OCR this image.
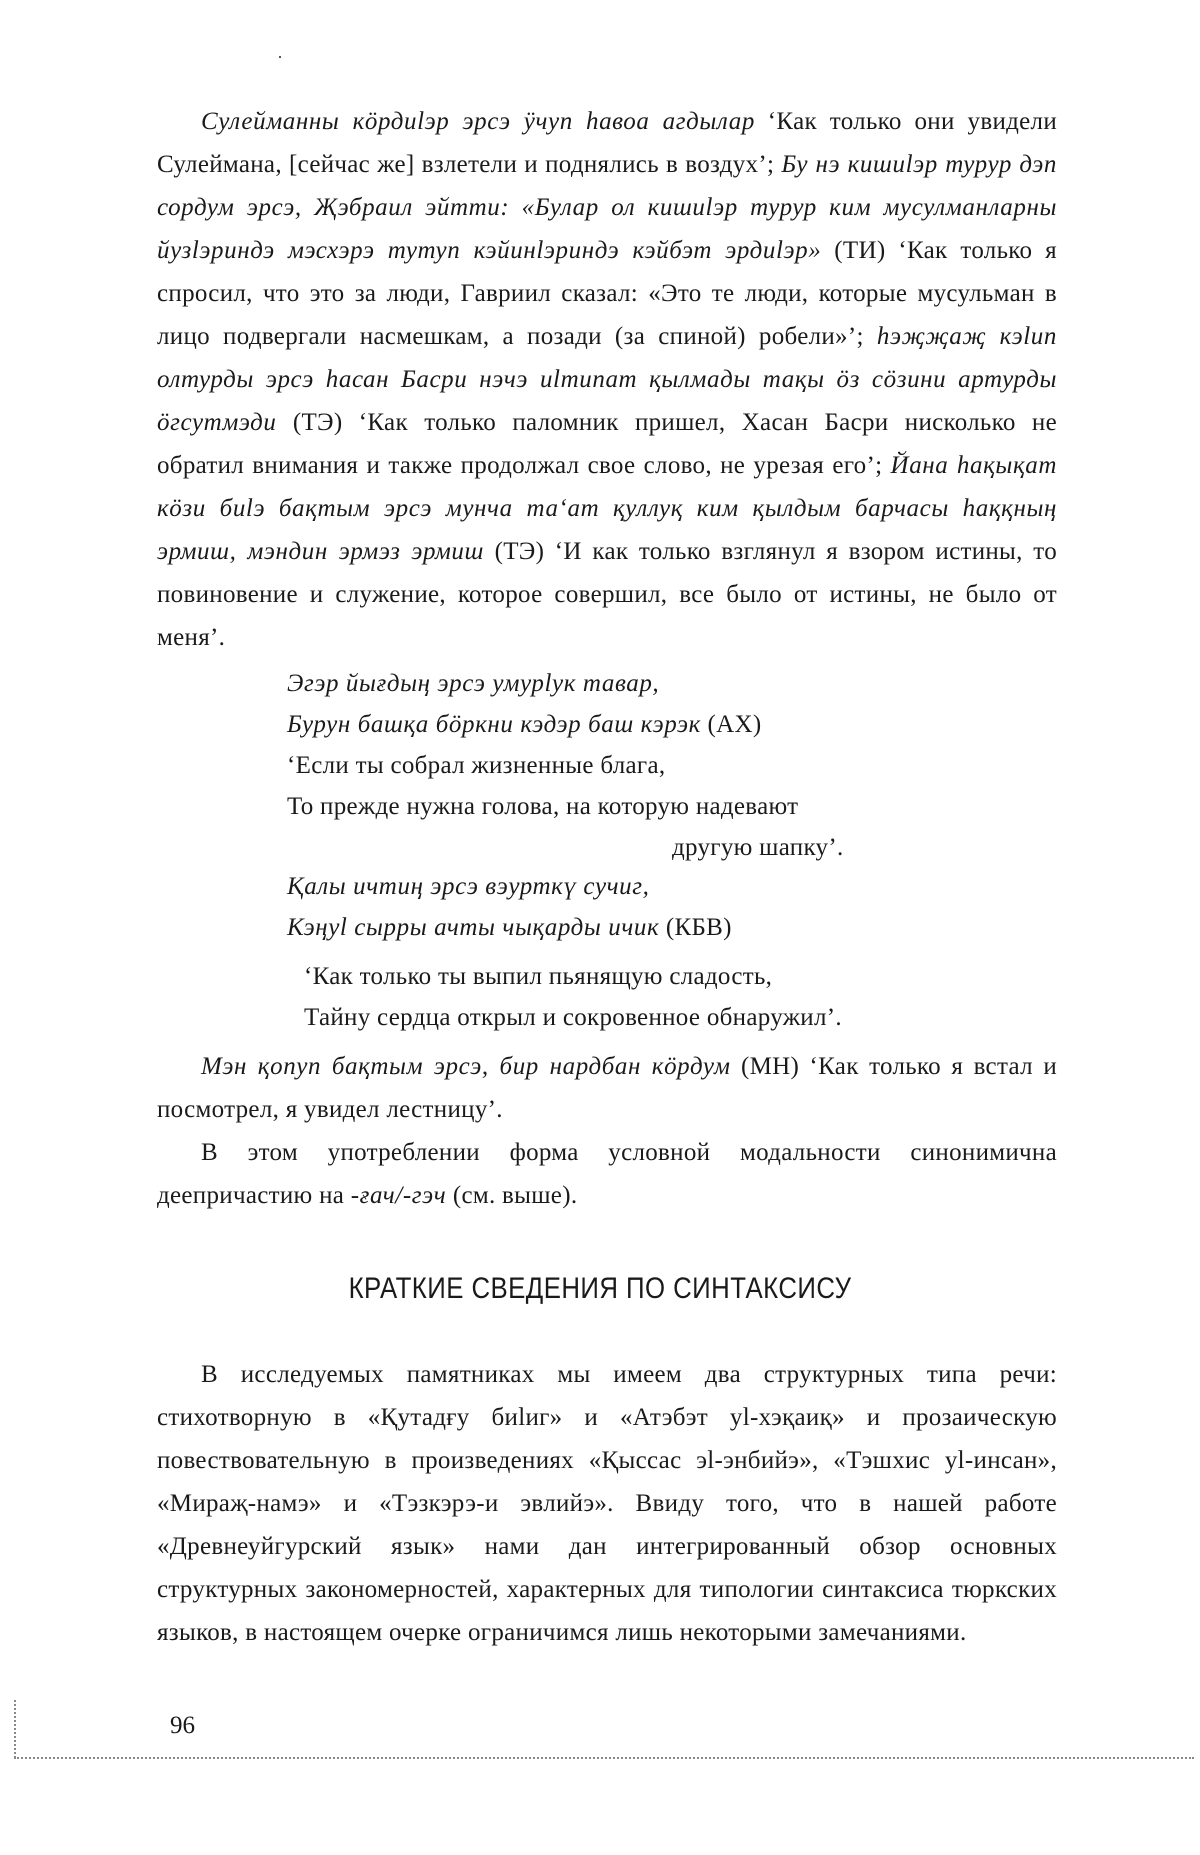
Сулейманны кӧрдиlэр эрсэ ӱчуп һавоа агдылар ‘Как только они увидели Сулеймана, [сейчас же] взлетели и поднялись в воздух’; Бу нэ кишиlэр турур дэп сордум эрсэ, Җэбраил эйтти: «Булар ол кишиlэр турур ким мусулманларны йузlэриндэ мэсхэрэ тутуп кэйинlэриндэ кэйбэт эрдиlэр» (ТИ) ‘Как только я спросил, что это за люди, Гавриил сказал: «Это те люди, которые мусульман в лицо подвергали насмешкам, а позади (за спиной) робели»’; һэҗҗаҗ кэlип олтурды эрсэ һасан Басри нэчэ иlтипат қылмады тақы ӧз сӧзини артурды ӧгсутмэди (ТЭ) ‘Как только паломник пришел, Хасан Басри нисколько не обратил внимания и также продолжал свое слово, не урезая его’; Йана һақықат кӧзи биlэ бақтым эрсэ мунча та‘ат қуллуқ ким қылдым барчасы һаққның эрмиш, мэндин эрмэз эрмиш (ТЭ) ‘И как только взглянул я взором истины, то повиновение и служение, которое совершил, все было от истины, не было от меня’.

Эгэр йығдың эрсэ умурlук тавар,
Бурун башқа бӧркни кэдэр баш кэрэк (АХ)
‘Если ты собрал жизненные блага,
То прежде нужна голова, на которую надевают
другую шапку’.
Қалы ичтиң эрсэ вэурткү сучиг,
Кэңуl сырры ачты чықарды ичик (КБВ)
‘Как только ты выпил пьянящую сладость,
Тайну сердца открыл и сокровенное обнаружил’.

Мэн қопуп бақтым эрсэ, бир нардбан кӧрдум (МН) ‘Как только я встал и посмотрел, я увидел лестницу’.

В этом употреблении форма условной модальности синонимична деепричастию на -ғач/-гэч (см. выше).

КРАТКИЕ СВЕДЕНИЯ ПО СИНТАКСИСУ

В исследуемых памятниках мы имеем два структурных типа речи: стихотворную в «Қутадғу биlиг» и «Атэбэт уl-хэқаиқ» и прозаическую повествовательную в произведениях «Қыссас эl-энбийэ», «Тэшхис уl-инсан», «Мираҗ-намэ» и «Тэзкэрэ-и эвлийэ». Ввиду того, что в нашей работе «Древнеуйгурский язык» нами дан интегрированный обзор основных структурных закономерностей, характерных для типологии синтаксиса тюркских языков, в настоящем очерке ограничимся лишь некоторыми замечаниями.

96
